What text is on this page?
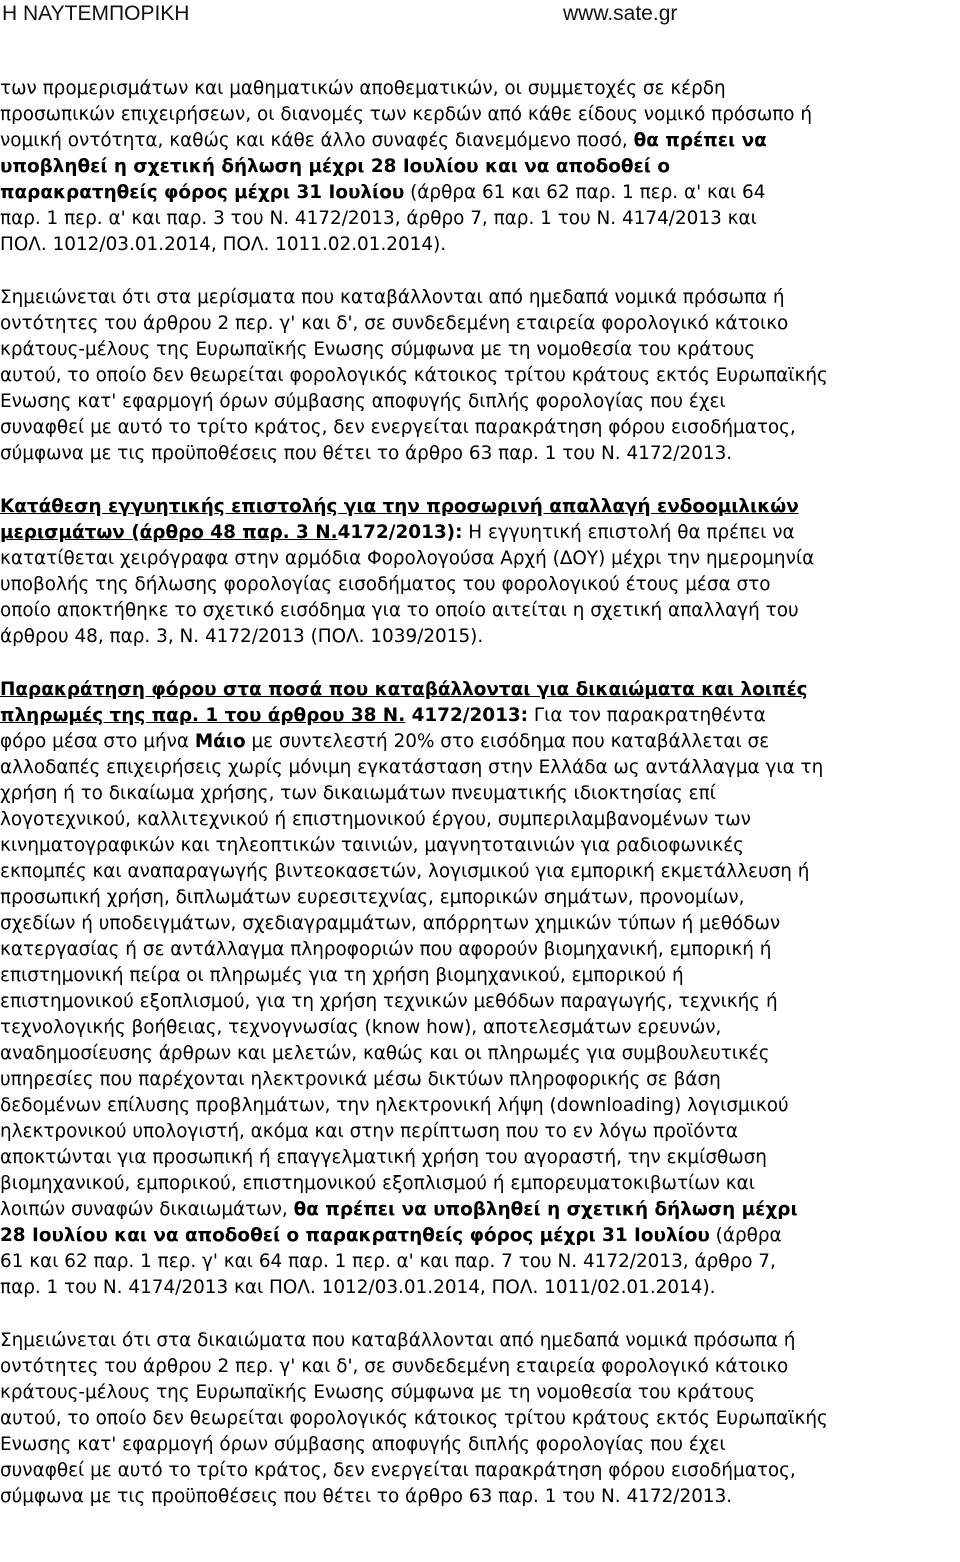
Η ΝΑΥΤΕΜΠΟΡΙΚΗ	www.sate.gr
των προμερισμάτων και μαθηματικών αποθεματικών, οι συμμετοχές σε κέρδη
προσωπικών επιχειρήσεων, οι διανομές των κερδών από κάθε είδους νομικό πρόσωπο ή
νομική οντότητα, καθώς και κάθε άλλο συναφές διανεμόμενο ποσό, θα πρέπει να
υποβληθεί η σχετική δήλωση μέχρι 28 Ιουλίου και να αποδοθεί ο
παρακρατηθείς φόρος μέχρι 31 Ιουλίου (άρθρα 61 και 62 παρ. 1 περ. α' και 64
παρ. 1 περ. α' και παρ. 3 του Ν. 4172/2013, άρθρο 7, παρ. 1 του Ν. 4174/2013 και
ΠΟΛ. 1012/03.01.2014, ΠΟΛ. 1011.02.01.2014).
Σημειώνεται ότι στα μερίσματα που καταβάλλονται από ημεδαπά νομικά πρόσωπα ή
οντότητες του άρθρου 2 περ. γ' και δ', σε συνδεδεμένη εταιρεία φορολογικό κάτοικο
κράτους-μέλους της Ευρωπαϊκής Ενωσης σύμφωνα με τη νομοθεσία του κράτους
αυτού, το οποίο δεν θεωρείται φορολογικός κάτοικος τρίτου κράτους εκτός Ευρωπαϊκής
Ενωσης κατ' εφαρμογή όρων σύμβασης αποφυγής διπλής φορολογίας που έχει
συναφθεί με αυτό το τρίτο κράτος, δεν ενεργείται παρακράτηση φόρου εισοδήματος,
σύμφωνα με τις προϋποθέσεις που θέτει το άρθρο 63 παρ. 1 του Ν. 4172/2013.
Κατάθεση εγγυητικής επιστολής για την προσωρινή απαλλαγή ενδοομιλικών
μερισμάτων (άρθρο 48 παρ. 3 Ν.4172/2013): Η εγγυητική επιστολή θα πρέπει να
κατατίθεται χειρόγραφα στην αρμόδια Φορολογούσα Αρχή (ΔΟΥ) μέχρι την ημερομηνία
υποβολής της δήλωσης φορολογίας εισοδήματος του φορολογικού έτους μέσα στο
οποίο αποκτήθηκε το σχετικό εισόδημα για το οποίο αιτείται η σχετική απαλλαγή του
άρθρου 48, παρ. 3, Ν. 4172/2013 (ΠΟΛ. 1039/2015).
Παρακράτηση φόρου στα ποσά που καταβάλλονται για δικαιώματα και λοιπές
πληρωμές της παρ. 1 του άρθρου 38 Ν. 4172/2013: Για τον παρακρατηθέντα
φόρο μέσα στο μήνα Μάιο με συντελεστή 20% στο εισόδημα που καταβάλλεται σε
αλλοδαπές επιχειρήσεις χωρίς μόνιμη εγκατάσταση στην Ελλάδα ως αντάλλαγμα για τη
χρήση ή το δικαίωμα χρήσης, των δικαιωμάτων πνευματικής ιδιοκτησίας επί
λογοτεχνικού, καλλιτεχνικού ή επιστημονικού έργου, συμπεριλαμβανομένων των
κινηματογραφικών και τηλεοπτικών ταινιών, μαγνητοταινιών για ραδιοφωνικές
εκπομπές και αναπαραγωγής βιντεοκασετών, λογισμικού για εμπορική εκμετάλλευση ή
προσωπική χρήση, διπλωμάτων ευρεσιτεχνίας, εμπορικών σημάτων, προνομίων,
σχεδίων ή υποδειγμάτων, σχεδιαγραμμάτων, απόρρητων χημικών τύπων ή μεθόδων
κατεργασίας ή σε αντάλλαγμα πληροφοριών που αφορούν βιομηχανική, εμπορική ή
επιστημονική πείρα οι πληρωμές για τη χρήση βιομηχανικού, εμπορικού ή
επιστημονικού εξοπλισμού, για τη χρήση τεχνικών μεθόδων παραγωγής, τεχνικής ή
τεχνολογικής βοήθειας, τεχνογνωσίας (know how), αποτελεσμάτων ερευνών,
αναδημοσίευσης άρθρων και μελετών, καθώς και οι πληρωμές για συμβουλευτικές
υπηρεσίες που παρέχονται ηλεκτρονικά μέσω δικτύων πληροφορικής σε βάση
δεδομένων επίλυσης προβλημάτων, την ηλεκτρονική λήψη (downloading) λογισμικού
ηλεκτρονικού υπολογιστή, ακόμα και στην περίπτωση που το εν λόγω προϊόντα
αποκτώνται για προσωπική ή επαγγελματική χρήση του αγοραστή, την εκμίσθωση
βιομηχανικού, εμπορικού, επιστημονικού εξοπλισμού ή εμπορευματοκιβωτίων και
λοιπών συναφών δικαιωμάτων, θα πρέπει να υποβληθεί η σχετική δήλωση μέχρι
28 Ιουλίου και να αποδοθεί ο παρακρατηθείς φόρος μέχρι 31 Ιουλίου (άρθρα
61 και 62 παρ. 1 περ. γ' και 64 παρ. 1 περ. α' και παρ. 7 του Ν. 4172/2013, άρθρο 7,
παρ. 1 του Ν. 4174/2013 και ΠΟΛ. 1012/03.01.2014, ΠΟΛ. 1011/02.01.2014).
Σημειώνεται ότι στα δικαιώματα που καταβάλλονται από ημεδαπά νομικά πρόσωπα ή
οντότητες του άρθρου 2 περ. γ' και δ', σε συνδεδεμένη εταιρεία φορολογικό κάτοικο
κράτους-μέλους της Ευρωπαϊκής Ενωσης σύμφωνα με τη νομοθεσία του κράτους
αυτού, το οποίο δεν θεωρείται φορολογικός κάτοικος τρίτου κράτους εκτός Ευρωπαϊκής
Ενωσης κατ' εφαρμογή όρων σύμβασης αποφυγής διπλής φορολογίας που έχει
συναφθεί με αυτό το τρίτο κράτος, δεν ενεργείται παρακράτηση φόρου εισοδήματος,
σύμφωνα με τις προϋποθέσεις που θέτει το άρθρο 63 παρ. 1 του Ν. 4172/2013.
